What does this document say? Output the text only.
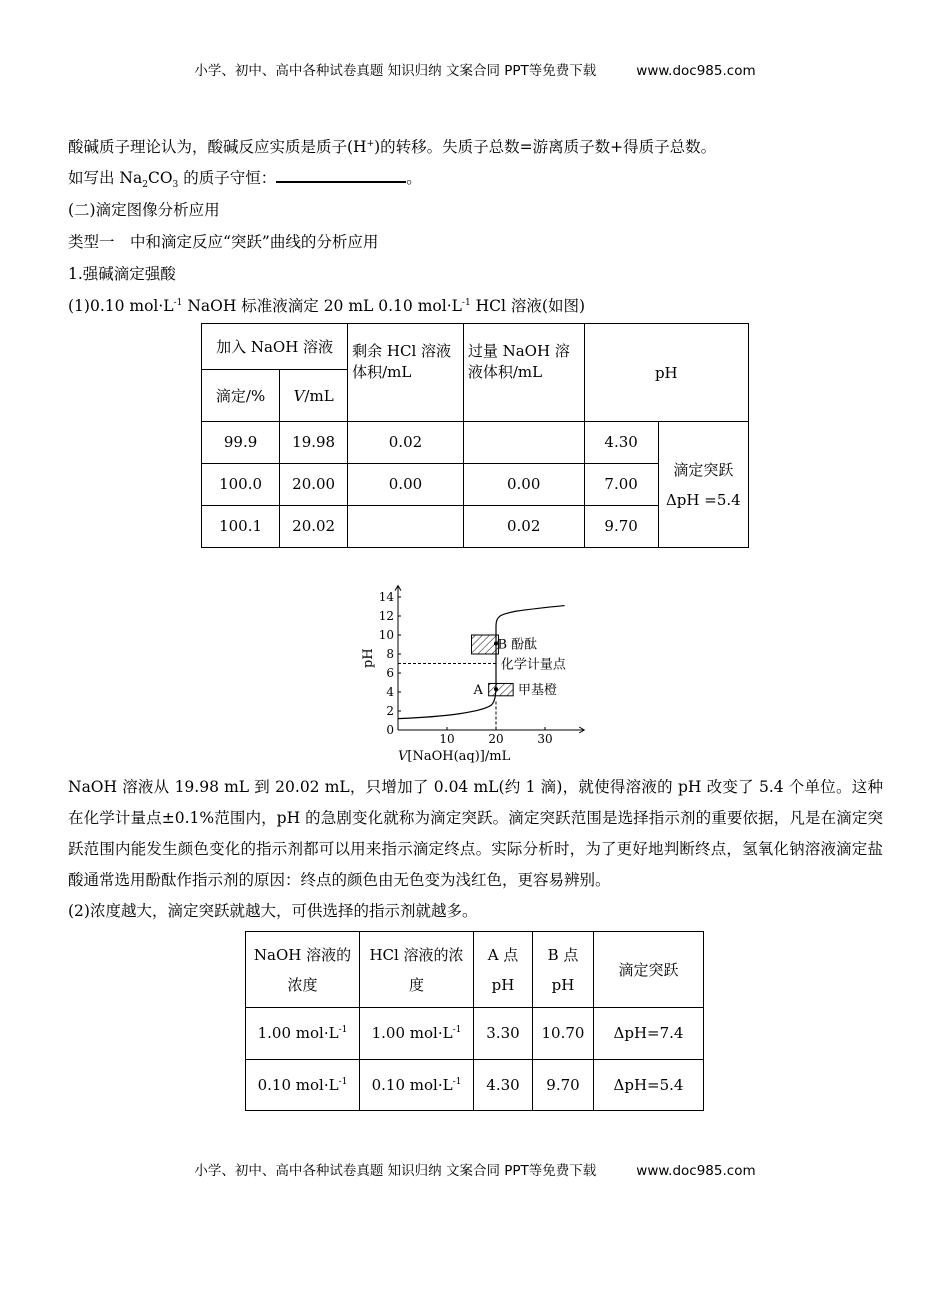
小学、初中、高中各种试卷真题 知识归纳 文案合同 PPT等免费下载	www.doc985.com
酸碱质子理论认为，酸碱反应实质是质子(H+)的转移。失质子总数=游离质子数+得质子总数。
如写出 $Na_2CO_3$ 的质子守恒：	。
(二)滴定图像分析应用
类型一　中和滴定反应“突跃”曲线的分析应用
1.强碱滴定强酸
(1)0.10 $mol\cdot L^{-1}$ NaOH 标准液滴定 20 mL 0.10 $mol\cdot L^{-1}$ HCl 溶液(如图)
加入 NaOH 溶液		剩余 HCl 溶液体积/mL	过量 NaOH 溶液体积/mL	pH	
滴定/%	V/mL				
99.9	19.98	0.02		4.30	滴定突跃 ΔpH =5.4
100.0	20.00	0.00	0.00	7.00	
100.1	20.02		0.02	9.70	
0
2
4
6
8
10
12
14
10	20	30
pH
V[NaOH(aq)]/mL
B 酚酞
化学计量点
A	甲基橙
NaOH 溶液从 19.98 mL 到 20.02 mL，只增加了 0.04 mL(约 1 滴)，就使得溶液的 pH 改变了 5.4 个单位。这种在化学计量点±0.1%范围内，pH 的急剧变化就称为滴定突跃。滴定突跃范围是选择指示剂的重要依据，凡是在滴定突跃范围内能发生颜色变化的指示剂都可以用来指示滴定终点。实际分析时，为了更好地判断终点，氢氧化钠溶液滴定盐酸通常选用酚酞作指示剂的原因：终点的颜色由无色变为浅红色，更容易辨别。
(2)浓度越大，滴定突跃就越大，可供选择的指示剂就越多。
NaOH 溶液的浓度	HCl 溶液的浓度	A 点 pH	B 点 pH	滴定突跃
1.00 $mol\cdot L^{-1}$	1.00 $mol\cdot L^{-1}$	3.30	10.70	ΔpH=7.4
0.10 $mol\cdot L^{-1}$	0.10 $mol\cdot L^{-1}$	4.30	9.70	ΔpH=5.4
小学、初中、高中各种试卷真题 知识归纳 文案合同 PPT等免费下载	www.doc985.com
